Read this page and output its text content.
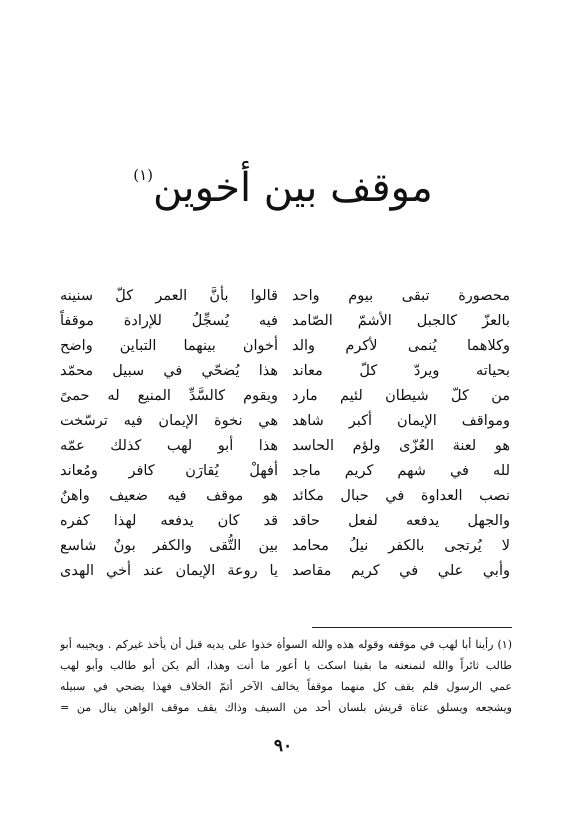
موقف بين أخوين$^{(١)}$
قالوا بأنَّ العمر كلّ سنينه
فيه يُسجِّلُ للإرادة موقفاً
أخوان بينهما التباين واضح
هذا يُضحّي في سبيل محمّد
ويقوم كالسَّدِّ المنيع له حمىً
هي نخوة الإيمان فيه ترسّخت
هذا أبو لهب كذلك عمّه
أفهلْ يُقارَن كافر ومُعاند
هو موقف فيه ضعيف واهنٌ
قد كان يدفعه لهذا كفره
بين التُّقى والكفر بونٌ شاسع
يا روعة الإيمان عند أخي الهدى
محصورة تبقى بيوم واحد
بالعزّ كالجبل الأشمّ الصّامد
وكلاهما يُنمى لأكرم والد
بحياته ويردّ كلّ معاند
من كلّ شيطان لئيم مارد
ومواقف الإيمان أكبر شاهد
هو لعنة العُزّى ولؤم الحاسد
لله في شهم كريم ماجد
نصب العداوة في حبال مكائد
والجهل يدفعه لفعل حاقد
لا يُرتجى بالكفر نيلُ محامد
وأبي علي في كريم مقاصد
(١) رأينا أبا لهب في موقفه وقوله هذه والله السوأة خذوا على يديه قبل أن يأخذ غيركم . ويجيبه أبو
طالب ثائراً والله لنمنعنه ما بقينا اسكت يا أعور ما أنت وهذا، ألم يكن أبو طالب وأبو لهب
عمي الرسول فلم يقف كل منهما موقفاً يخالف الآخر أتمّ الخلاف فهذا يضحي في سبيله
ويشجعه ويسلق عتاة قريش بلسان أحد من السيف وذاك يقف موقف الواهن ينال من =
٩٠
